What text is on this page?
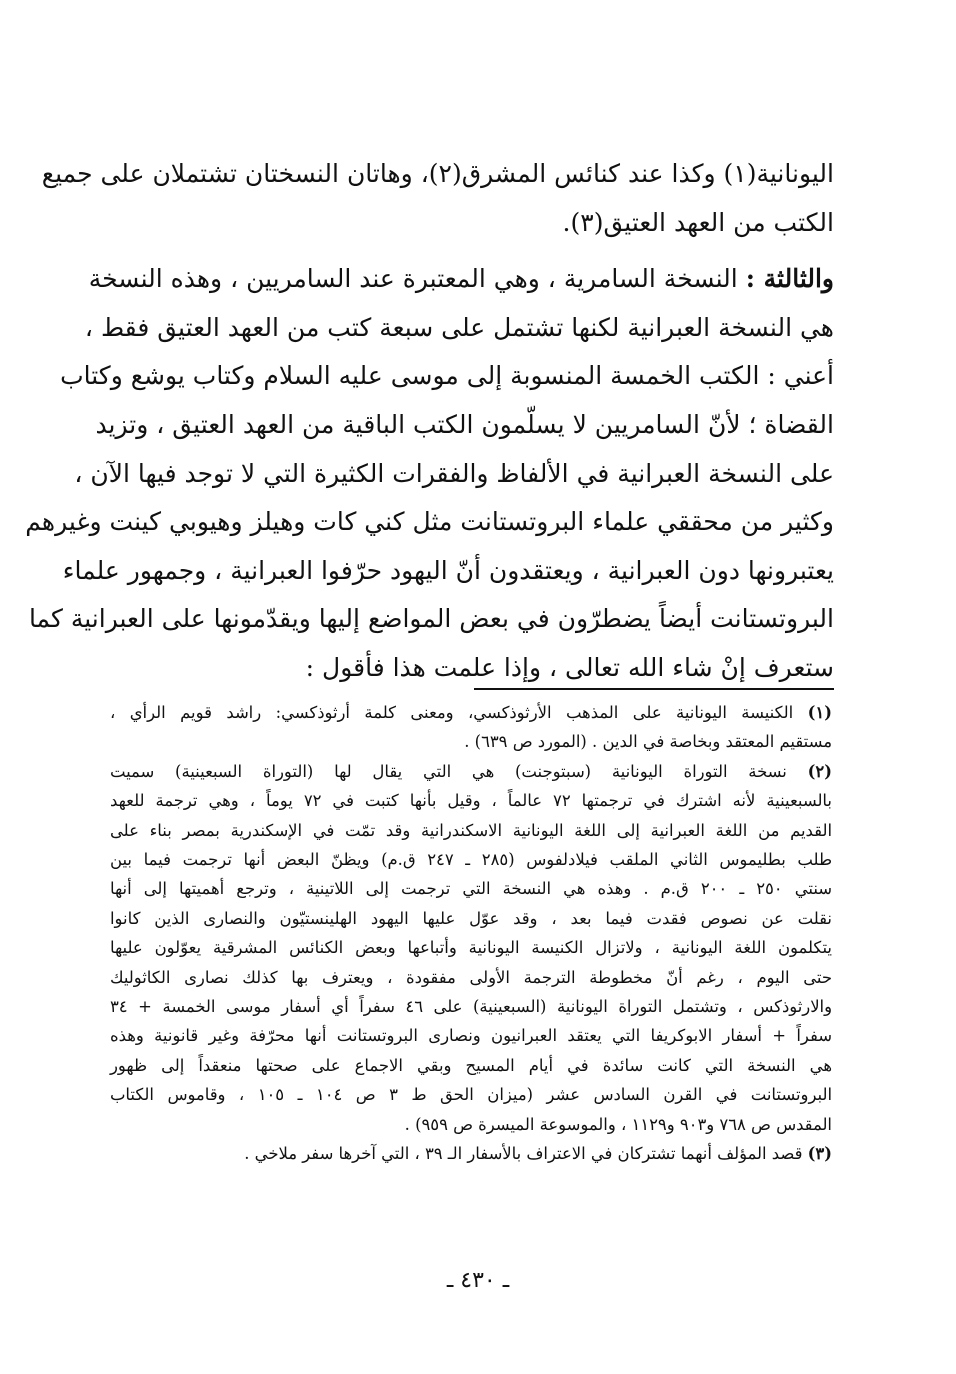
اليونانية(١) وكذا عند كنائس المشرق(٢)، وهاتان النسختان تشتملان على جميع
الكتب من العهد العتيق(٣).
والثالثة : النسخة السامرية ، وهي المعتبرة عند السامريين ، وهذه النسخة
هي النسخة العبرانية لكنها تشتمل على سبعة كتب من العهد العتيق فقط ،
أعني : الكتب الخمسة المنسوبة إلى موسى عليه السلام وكتاب يوشع وكتاب
القضاة ؛ لأنّ السامريين لا يسلّمون الكتب الباقية من العهد العتيق ، وتزيد
على النسخة العبرانية في الألفاظ والفقرات الكثيرة التي لا توجد فيها الآن ،
وكثير من محققي علماء البروتستانت مثل كني كات وهيلز وهيوبي كينت وغيرهم
يعتبرونها دون العبرانية ، ويعتقدون أنّ اليهود حرّفوا العبرانية ، وجمهور علماء
البروتستانت أيضاً يضطرّون في بعض المواضع إليها ويقدّمونها على العبرانية كما
ستعرف إنْ شاء الله تعالى ، وإذا علمت هذا فأقول :
(١) الكنيسة اليونانية على المذهب الأرثوذكسي، ومعنى كلمة أرثوذكسي: راشد قويم الرأي ،
مستقيم المعتقد وبخاصة في الدين . (المورد ص ٦٣٩) .
(٢) نسخة التوراة اليونانية (سبتوجنت) هي التي يقال لها (التوراة السبعينية) سميت
بالسبعينية لأنه اشترك في ترجمتها ٧٢ عالماً ، وقيل بأنها كتبت في ٧٢ يوماً ، وهي ترجمة للعهد
القديم من اللغة العبرانية إلى اللغة اليونانية الاسكندرانية وقد تمّت في الإسكندرية بمصر بناء على
طلب بطليموس الثاني الملقب فيلادلفوس (٢٨٥ ـ ٢٤٧ ق.م) ويظنّ البعض أنها ترجمت فيما بين
سنتي ٢٥٠ ـ ٢٠٠ ق.م . وهذه هي النسخة التي ترجمت إلى اللاتينية ، وترجع أهميتها إلى أنها
نقلت عن نصوص فقدت فيما بعد ، وقد عوّل عليها اليهود الهلينستيّون والنصارى الذين كانوا
يتكلمون اللغة اليونانية ، ولاتزال الكنيسة اليونانية وأتباعها وبعض الكنائس المشرقية يعوّلون عليها
حتى اليوم ، رغم أنّ مخطوطة الترجمة الأولى مفقودة ، ويعترف بها كذلك نصارى الكاثوليك
والارثوذكس ، وتشتمل التوراة اليونانية (السبعينية) على ٤٦ سفراً أي أسفار موسى الخمسة + ٣٤
سفراً + أسفار الابوكريفا التي يعتقد العبرانيون ونصارى البروتستانت أنها محرّفة وغير قانونية وهذه
هي النسخة التي كانت سائدة في أيام المسيح وبقي الاجماع على صحتها منعقداً إلى ظهور
البروتستانت في القرن السادس عشر (ميزان الحق ط ٣ ص ١٠٤ ـ ١٠٥ ، وقاموس الكتاب
المقدس ص ٧٦٨ و٩٠٣ و١١٢٩ ، والموسوعة الميسرة ص ٩٥٩) .
(٣) قصد المؤلف أنهما تشتركان في الاعتراف بالأسفار الـ ٣٩ ، التي آخرها سفر ملاخي .
ـ ٤٣٠ ـ
